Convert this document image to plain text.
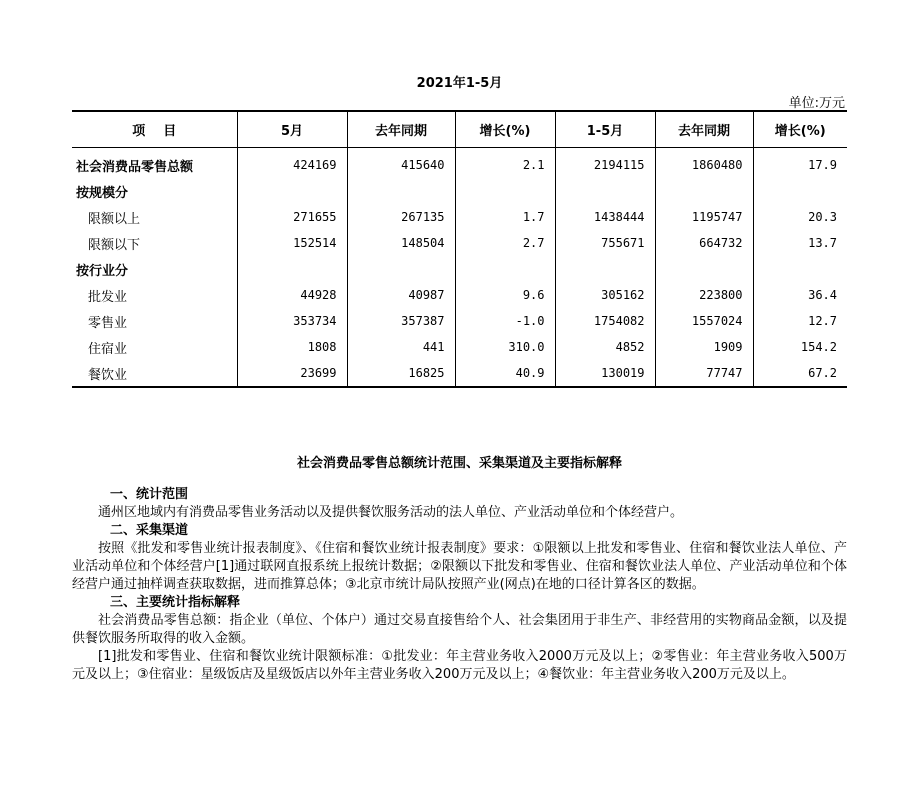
2021年1-5月
单位:万元
项    目	5月	去年同期	增长(%)	1-5月	去年同期	增长(%)
社会消费品零售总额	424169	415640	2.1	2194115	1860480	17.9
按规模分						
限额以上	271655	267135	1.7	1438444	1195747	20.3
限额以下	152514	148504	2.7	755671	664732	13.7
按行业分						
批发业	44928	40987	9.6	305162	223800	36.4
零售业	353734	357387	-1.0	1754082	1557024	12.7
住宿业	1808	441	310.0	4852	1909	154.2
餐饮业	23699	16825	40.9	130019	77747	67.2
社会消费品零售总额统计范围、采集渠道及主要指标解释
一、统计范围
通州区地域内有消费品零售业务活动以及提供餐饮服务活动的法人单位、产业活动单位和个体经营户。
二、采集渠道
按照《批发和零售业统计报表制度》、《住宿和餐饮业统计报表制度》要求：①限额以上批发和零售业、住宿和餐饮业法人单位、产业活动单位和个体经营户[1]通过联网直报系统上报统计数据；②限额以下批发和零售业、住宿和餐饮业法人单位、产业活动单位和个体经营户通过抽样调查获取数据，进而推算总体；③北京市统计局队按照产业(网点)在地的口径计算各区的数据。
三、主要统计指标解释
社会消费品零售总额：指企业（单位、个体户）通过交易直接售给个人、社会集团用于非生产、非经营用的实物商品金额，以及提供餐饮服务所取得的收入金额。
[1]批发和零售业、住宿和餐饮业统计限额标准：①批发业：年主营业务收入2000万元及以上；②零售业：年主营业务收入500万元及以上；③住宿业：星级饭店及星级饭店以外年主营业务收入200万元及以上；④餐饮业：年主营业务收入200万元及以上。
